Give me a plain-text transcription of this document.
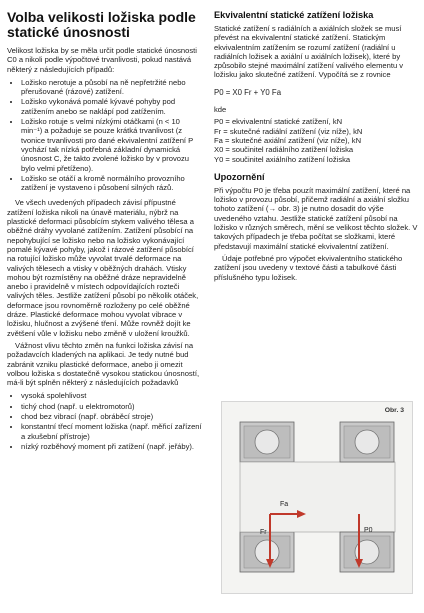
Volba velikosti ložiska podle statické únosnosti

Velikost ložiska by se měla určit podle statické únosnosti C0 a nikoli podle výpočtové trvanlivosti, pokud nastává některý z následujících případů:

• Ložisko nerotuje a působí na ně nepřetržité nebo přerušované (rázové) zatížení.
• Ložisko vykonává pomalé kývavé pohyby pod zatížením anebo se naklápí pod zatížením.
• Ložisko rotuje s velmi nízkými otáčkami (n < 10 min⁻¹) a požaduje se pouze krátká trvanlivost (z tvonice trvanlivosti pro dané ekvivalentní zatížení P vychází tak nízká potřebná základní dynamická únosnost C, že takto zvolené ložisko by v provozu bylo velmi přetíženo).
• Ložisko se otáčí a kromě normálního provozního zatížení je vystaveno i působení silných rázů.

Ve všech uvedených případech závisí přípustné zatížení ložiska nikoli na únavě materiálu, nýbrž na plastické deformaci působícím stykem valivého tělesa a oběžné dráhy vyvolané zatížením. Zatížení působící na nepohybující se ložisko nebo na ložisko vykonávající pomalé kývavé pohyby, jakož i rázové zatížení působící na rotující ložisko může vyvolat trvalé deformace na valivých tělesech a vtisky v oběžných drahách. Vtisky mohou být rozmístěny na oběžné dráze nepravidelně anebo i pravidelně v místech odpovídajících rozteči valivých těles. Jestliže zatížení působí po několik otáček, deformace jsou rovnoměrně rozloženy po celé oběžné dráze. Plastické deformace mohou vyvolat vibrace v ložisku, hlučnost a zvýšené tření. Může rovněž dojít ke zvětšení vůle v ložisku nebo změně v uložení kroužků.

Vážnost vlivu těchto změn na funkci ložiska závisí na požadavcích kladených na aplikaci. Je tedy nutné bud zabránit vzniku plastické deformace, anebo ji omezit volbou ložiska s dostatečně vysokou statickou únosností, má-li být splněn některý z následujících požadavků

• vysoká spolehlivost
• tichý chod (např. u elektromotorů)
• chod bez vibrací (např. obráběcí stroje)
• konstantní třecí moment ložiska (např. měřicí zařízení a zkušební přístroje)
• nízký rozběhový moment při zatížení (např. jeřáby).
Ekvivalentní statické zatížení ložiska

Statické zatížení s radiálních a axiálních složek se musí převést na ekvivalentní statické zatížení. Statickým ekvivalentním zatížením se rozumí zatížení (radiální u radiálních ložisek a axiální u axiálních ložisek), které by způsobilo stejné maximální zatížení valivého elementu v ložisku jako skutečné zatížení. Vypočítá se z rovnice

P0 = X0 Fr + Y0 Fa

kde

P0 = ekvivalentní statické zatížení, kN
Fr = skutečné radiální zatížení (viz níže), kN
Fa = skutečné axiální zatížení (viz níže), kN
X0 = součinitel radiálního zatížení ložiska
Y0 = součinitel axiálního zatížení ložiska
Upozornění

Při výpočtu P0 je třeba pouzít maximální zatížení, které na ložisko v provozu působí, přičemž radiální a axiální složku tohoto zatížení (→ obr. 3) je nutno dosadit do výše uvedeného vztahu. Jestliže statické zatížení působí na ložisko v různých směrech, mění se velikost těchto složek. V takových případech je třeba počítat se složkami, které představují maximální statické ekvivalentní zatížení.

Údaje potřebné pro výpočet ekvivalentního statického zatížení jsou uvedeny v textové části a tabulkové části příslušného typu ložisek.

Obr. 3
Fa
Fr	P0
